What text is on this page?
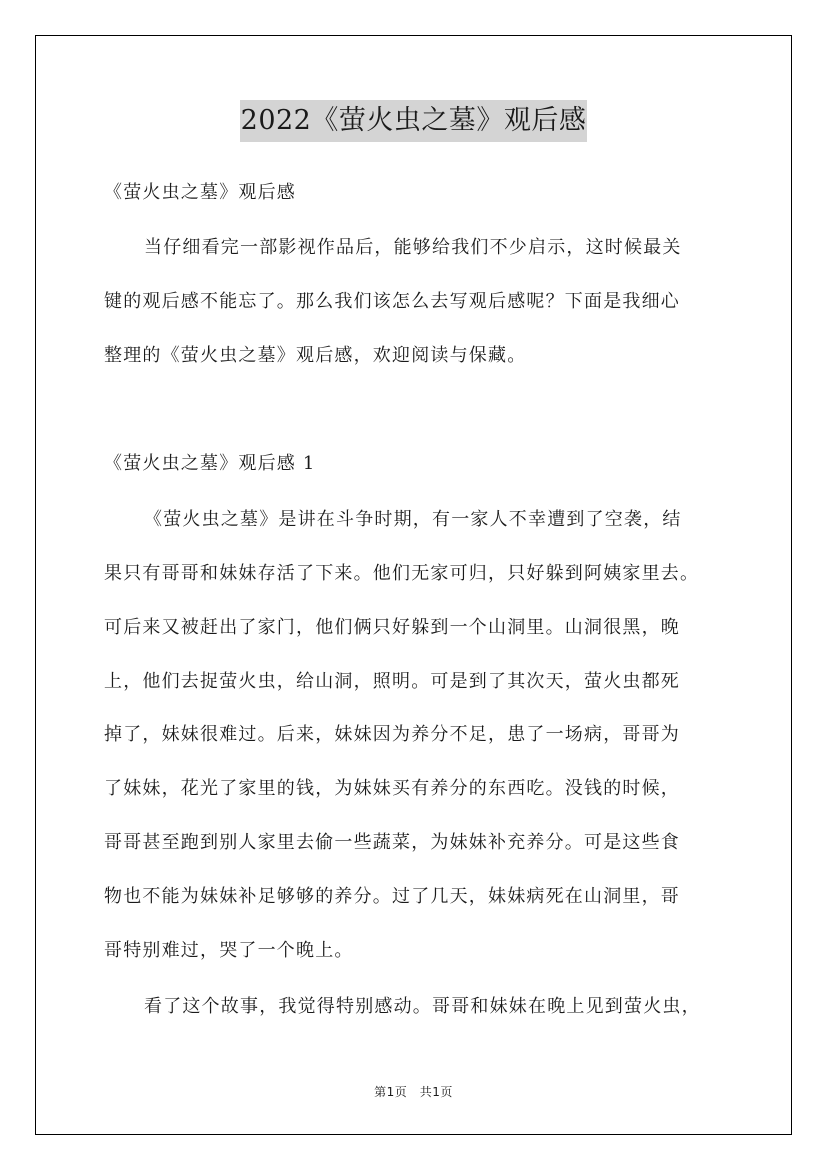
2022《萤火虫之墓》观后感
《萤火虫之墓》观后感
当仔细看完一部影视作品后，能够给我们不少启示，这时候最关
键的观后感不能忘了。那么我们该怎么去写观后感呢？下面是我细心
整理的《萤火虫之墓》观后感，欢迎阅读与保藏。
《萤火虫之墓》观后感 1
《萤火虫之墓》是讲在斗争时期，有一家人不幸遭到了空袭，结
果只有哥哥和妹妹存活了下来。他们无家可归，只好躲到阿姨家里去。
可后来又被赶出了家门，他们俩只好躲到一个山洞里。山洞很黑，晚
上，他们去捉萤火虫，给山洞，照明。可是到了其次天，萤火虫都死
掉了，妹妹很难过。后来，妹妹因为养分不足，患了一场病，哥哥为
了妹妹，花光了家里的钱，为妹妹买有养分的东西吃。没钱的时候，
哥哥甚至跑到别人家里去偷一些蔬菜，为妹妹补充养分。可是这些食
物也不能为妹妹补足够够的养分。过了几天，妹妹病死在山洞里，哥
哥特别难过，哭了一个晚上。
看了这个故事，我觉得特别感动。哥哥和妹妹在晚上见到萤火虫，
第1页　共1页
